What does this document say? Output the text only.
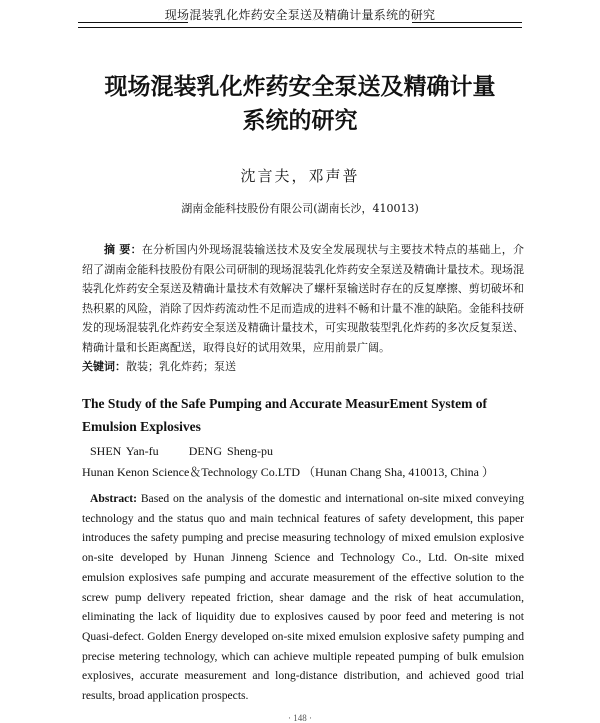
现场混装乳化炸药安全泵送及精确计量系统的研究
现场混装乳化炸药安全泵送及精确计量
系统的研究
沈言夫，邓声普
湖南金能科技股份有限公司(湖南长沙，410013)
摘 要：在分析国内外现场混装输送技术及安全发展现状与主要技术特点的基础上，介绍了湖南金能科技股份有限公司研制的现场混装乳化炸药安全泵送及精确计量技术。现场混装乳化炸药安全泵送及精确计量技术有效解决了螺杆泵输送时存在的反复摩擦、剪切破坏和热积累的风险，消除了因炸药流动性不足而造成的进料不畅和计量不准的缺陷。金能科技研发的现场混装乳化炸药安全泵送及精确计量技术，可实现散装型乳化炸药的多次反复泵送、精确计量和长距离配送，取得良好的试用效果，应用前景广阔。
关键词：散装；乳化炸药；泵送
The Study of the Safe Pumping and Accurate MeasurEment System of Emulsion Explosives
SHEN Yan-fu	DENG Sheng-pu
Hunan Kenon Science＆Technology Co.LTD （Hunan Chang Sha, 410013, China ）
Abstract: Based on the analysis of the domestic and international on-site mixed conveying technology and the status quo and main technical features of safety development, this paper introduces the safety pumping and precise measuring technology of mixed emulsion explosive on-site developed by Hunan Jinneng Science and Technology Co., Ltd. On-site mixed emulsion explosives safe pumping and accurate measurement of the effective solution to the screw pump delivery repeated friction, shear damage and the risk of heat accumulation, eliminating the lack of liquidity due to explosives caused by poor feed and metering is not Quasi-defect. Golden Energy developed on-site mixed emulsion explosive safety pumping and precise metering technology, which can achieve multiple repeated pumping of bulk emulsion explosives, accurate measurement and long-distance distribution, and achieved good trial results, broad application prospects.
· 148 ·
